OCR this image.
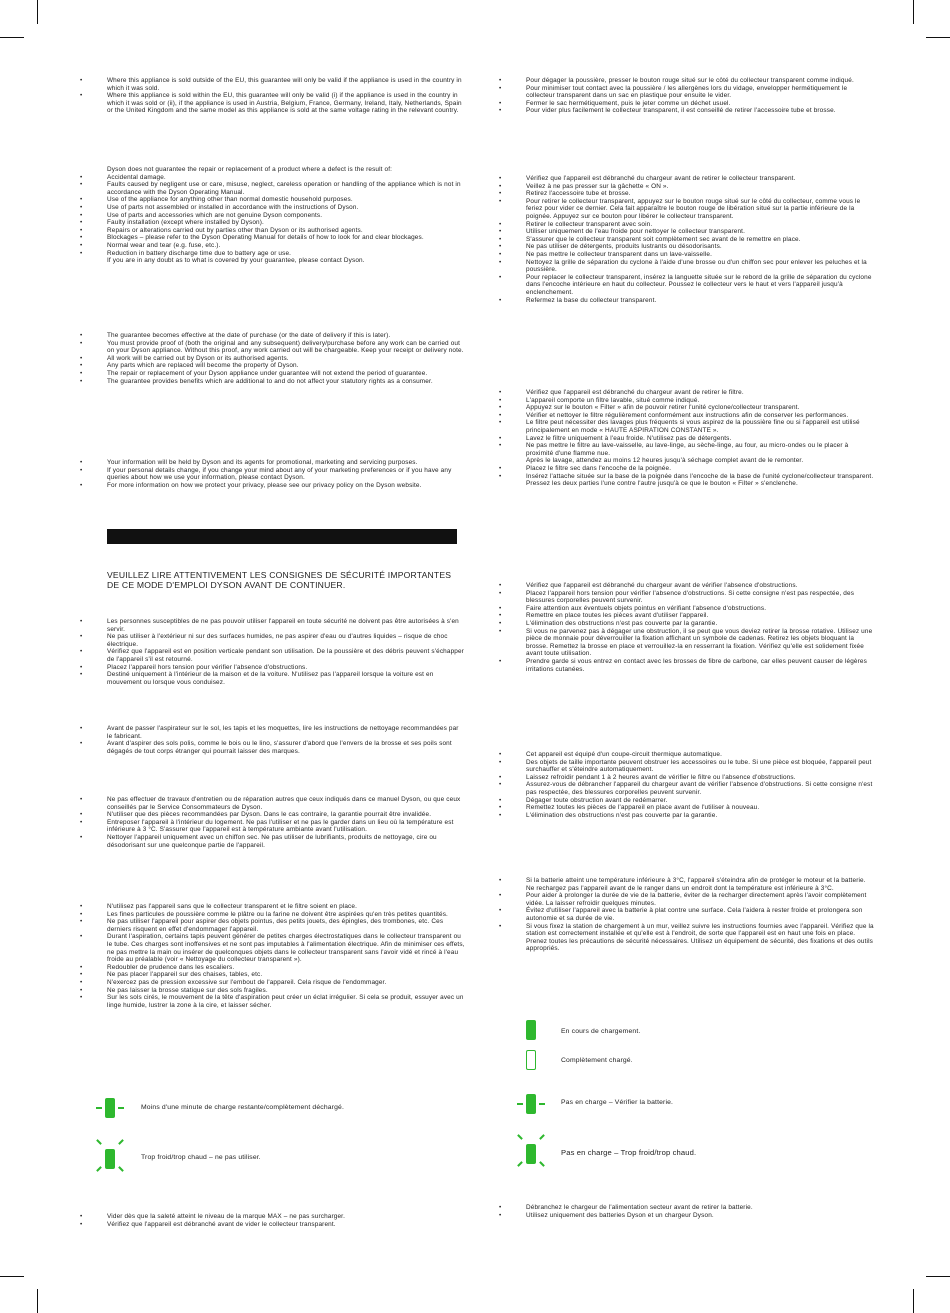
•	Where this appliance is sold outside of the EU, this guarantee will only be valid if the appliance is used in the country in which it was sold.
•	Where this appliance is sold within the EU, this guarantee will only be valid (i) if the appliance is used in the country in which it was sold or (ii), if the appliance is used in Austria, Belgium, France, Germany, Ireland, Italy, Netherlands, Spain or the United Kingdom and the same model as this appliance is sold at the same voltage rating in the relevant country.
Dyson does not guarantee the repair or replacement of a product where a defect is the result of:
•	Accidental damage.
•	Faults caused by negligent use or care, misuse, neglect, careless operation or handling of the appliance which is not in accordance with the Dyson Operating Manual.
•	Use of the appliance for anything other than normal domestic household purposes.
•	Use of parts not assembled or installed in accordance with the instructions of Dyson.
•	Use of parts and accessories which are not genuine Dyson components.
•	Faulty installation (except where installed by Dyson).
•	Repairs or alterations carried out by parties other than Dyson or its authorised agents.
•	Blockages – please refer to the Dyson Operating Manual for details of how to look for and clear blockages.
•	Normal wear and tear (e.g. fuse, etc.).
•	Reduction in battery discharge time due to battery age or use.
If you are in any doubt as to what is covered by your guarantee, please contact Dyson.
•	The guarantee becomes effective at the date of purchase (or the date of delivery if this is later).
•	You must provide proof of (both the original and any subsequent) delivery/purchase before any work can be carried out on your Dyson appliance. Without this proof, any work carried out will be chargeable. Keep your receipt or delivery note.
•	All work will be carried out by Dyson or its authorised agents.
•	Any parts which are replaced will become the property of Dyson.
•	The repair or replacement of your Dyson appliance under guarantee will not extend the period of guarantee.
•	The guarantee provides benefits which are additional to and do not affect your statutory rights as a consumer.
•	Your information will be held by Dyson and its agents for promotional, marketing and servicing purposes.
•	If your personal details change, if you change your mind about any of your marketing preferences or if you have any queries about how we use your information, please contact Dyson.
•	For more information on how we protect your privacy, please see our privacy policy on the Dyson website.
VEUILLEZ LIRE ATTENTIVEMENT LES CONSIGNES DE SÉCURITÉ IMPORTANTES DE CE MODE D'EMPLOI DYSON AVANT DE CONTINUER.
•	Les personnes susceptibles de ne pas pouvoir utiliser l'appareil en toute sécurité ne doivent pas être autorisées à s'en servir.
•	Ne pas utiliser à l'extérieur ni sur des surfaces humides, ne pas aspirer d'eau ou d'autres liquides – risque de choc électrique.
•	Vérifiez que l'appareil est en position verticale pendant son utilisation. De la poussière et des débris peuvent s'échapper de l'appareil s'il est retourné.
•	Placez l'appareil hors tension pour vérifier l'absence d'obstructions.
•	Destiné uniquement à l'intérieur de la maison et de la voiture. N'utilisez pas l'appareil lorsque la voiture est en mouvement ou lorsque vous conduisez.
•	Avant de passer l'aspirateur sur le sol, les tapis et les moquettes, lire les instructions de nettoyage recommandées par le fabricant.
•	Avant d'aspirer des sols polis, comme le bois ou le lino, s'assurer d'abord que l'envers de la brosse et ses poils sont dégagés de tout corps étranger qui pourrait laisser des marques.
•	Ne pas effectuer de travaux d'entretien ou de réparation autres que ceux indiqués dans ce manuel Dyson, ou que ceux conseillés par le Service Consommateurs de Dyson.
•	N'utiliser que des pièces recommandées par Dyson. Dans le cas contraire, la garantie pourrait être invalidée.
•	Entreposer l'appareil à l'intérieur du logement. Ne pas l'utiliser et ne pas le garder dans un lieu où la température est inférieure à 3 °C. S'assurer que l'appareil est à température ambiante avant l'utilisation.
•	Nettoyer l'appareil uniquement avec un chiffon sec. Ne pas utiliser de lubrifiants, produits de nettoyage, cire ou désodorisant sur une quelconque partie de l'appareil.
•	N'utilisez pas l'appareil sans que le collecteur transparent et le filtre soient en place.
•	Les fines particules de poussière comme le plâtre ou la farine ne doivent être aspirées qu'en très petites quantités.
•	Ne pas utiliser l'appareil pour aspirer des objets pointus, des petits jouets, des épingles, des trombones, etc. Ces derniers risquent en effet d'endommager l'appareil.
•	Durant l'aspiration, certains tapis peuvent générer de petites charges électrostatiques dans le collecteur transparent ou le tube. Ces charges sont inoffensives et ne sont pas imputables à l'alimentation électrique. Afin de minimiser ces effets, ne pas mettre la main ou insérer de quelconques objets dans le collecteur transparent sans l'avoir vidé et rincé à l'eau froide au préalable (voir « Nettoyage du collecteur transparent »).
•	Redoubler de prudence dans les escaliers.
•	Ne pas placer l'appareil sur des chaises, tables, etc.
•	N'exercez pas de pression excessive sur l'embout de l'appareil. Cela risque de l'endommager.
•	Ne pas laisser la brosse statique sur des sols fragiles.
•	Sur les sols cirés, le mouvement de la tête d'aspiration peut créer un éclat irrégulier. Si cela se produit, essuyer avec un linge humide, lustrer la zone à la cire, et laisser sécher.
Moins d'une minute de charge restante/complètement déchargé.
Trop froid/trop chaud – ne pas utiliser.
•	Vider dès que la saleté atteint le niveau de la marque MAX – ne pas surcharger.
•	Vérifiez que l'appareil est débranché avant de vider le collecteur transparent.
•	Pour dégager la poussière, presser le bouton rouge situé sur le côté du collecteur transparent comme indiqué.
•	Pour minimiser tout contact avec la poussière / les allergènes lors du vidage, envelopper hermétiquement le collecteur transparent dans un sac en plastique pour ensuite le vider.
•	Fermer le sac hermétiquement, puis le jeter comme un déchet usuel.
•	Pour vider plus facilement le collecteur transparent, il est conseillé de retirer l'accessoire tube et brosse.
•	Vérifiez que l'appareil est débranché du chargeur avant de retirer le collecteur transparent.
•	Veillez à ne pas presser sur la gâchette « ON ».
•	Retirez l'accessoire tube et brosse.
•	Pour retirer le collecteur transparent, appuyez sur le bouton rouge situé sur le côté du collecteur, comme vous le feriez pour vider ce dernier. Cela fait apparaître le bouton rouge de libération situé sur la partie inférieure de la poignée. Appuyez sur ce bouton pour libérer le collecteur transparent.
•	Retirer le collecteur transparent avec soin.
•	Utiliser uniquement de l'eau froide pour nettoyer le collecteur transparent.
•	S'assurer que le collecteur transparent soit complètement sec avant de le remettre en place.
•	Ne pas utiliser de détergents, produits lustrants ou désodorisants.
•	Ne pas mettre le collecteur transparent dans un lave-vaisselle.
•	Nettoyez la grille de séparation du cyclone à l'aide d'une brosse ou d'un chiffon sec pour enlever les peluches et la poussière.
•	Pour replacer le collecteur transparent, insérez la languette située sur le rebord de la grille de séparation du cyclone dans l'encoche intérieure en haut du collecteur. Poussez le collecteur vers le haut et vers l'appareil jusqu'à enclenchement.
•	Refermez la base du collecteur transparent.
•	Vérifiez que l'appareil est débranché du chargeur avant de retirer le filtre.
•	L'appareil comporte un filtre lavable, situé comme indiqué.
•	Appuyez sur le bouton « Filter » afin de pouvoir retirer l'unité cyclone/collecteur transparent.
•	Vérifier et nettoyer le filtre régulièrement conformément aux instructions afin de conserver les performances.
•	Le filtre peut nécessiter des lavages plus fréquents si vous aspirez de la poussière fine ou si l'appareil est utilisé principalement en mode « HAUTE ASPIRATION CONSTANTE ».
•	Lavez le filtre uniquement à l'eau froide. N'utilisez pas de détergents.
•	Ne pas mettre le filtre au lave-vaisselle, au lave-linge, au sèche-linge, au four, au micro-ondes ou le placer à proximité d'une flamme nue.
Après le lavage, attendez au moins 12 heures jusqu'à séchage complet avant de le remonter.
•	Placez le filtre sec dans l'encoche de la poignée.
•	Insérez l'attache située sur la base de la poignée dans l'encoche de la base de l'unité cyclone/collecteur transparent. Pressez les deux parties l'une contre l'autre jusqu'à ce que le bouton « Filter » s'enclenche.
•	Vérifiez que l'appareil est débranché du chargeur avant de vérifier l'absence d'obstructions.
•	Placez l'appareil hors tension pour vérifier l'absence d'obstructions. Si cette consigne n'est pas respectée, des blessures corporelles peuvent survenir.
•	Faire attention aux éventuels objets pointus en vérifiant l'absence d'obstructions.
•	Remettre en place toutes les pièces avant d'utiliser l'appareil.
•	L'élimination des obstructions n'est pas couverte par la garantie.
•	Si vous ne parvenez pas à dégager une obstruction, il se peut que vous deviez retirer la brosse rotative. Utilisez une pièce de monnaie pour déverrouiller la fixation affichant un symbole de cadenas. Retirez les objets bloquant la brosse. Remettez la brosse en place et verrouillez-la en resserrant la fixation. Vérifiez qu'elle est solidement fixée avant toute utilisation.
•	Prendre garde si vous entrez en contact avec les brosses de fibre de carbone, car elles peuvent causer de légères irritations cutanées.
•	Cet appareil est équipé d'un coupe-circuit thermique automatique.
•	Des objets de taille importante peuvent obstruer les accessoires ou le tube. Si une pièce est bloquée, l'appareil peut surchauffer et s'éteindre automatiquement.
•	Laissez refroidir pendant 1 à 2 heures avant de vérifier le filtre ou l'absence d'obstructions.
•	Assurez-vous de débrancher l'appareil du chargeur avant de vérifier l'absence d'obstructions. Si cette consigne n'est pas respectée, des blessures corporelles peuvent survenir.
•	Dégager toute obstruction avant de redémarrer.
•	Remettez toutes les pièces de l'appareil en place avant de l'utiliser à nouveau.
•	L'élimination des obstructions n'est pas couverte par la garantie.
•	Si la batterie atteint une température inférieure à 3°C, l'appareil s'éteindra afin de protéger le moteur et la batterie. Ne rechargez pas l'appareil avant de le ranger dans un endroit dont la température est inférieure à 3°C.
•	Pour aider à prolonger la durée de vie de la batterie, éviter de la recharger directement après l'avoir complètement vidée. La laisser refroidir quelques minutes.
•	Évitez d'utiliser l'appareil avec la batterie à plat contre une surface. Cela l'aidera à rester froide et prolongera son autonomie et sa durée de vie.
•	Si vous fixez la station de chargement à un mur, veillez suivre les instructions fournies avec l'appareil. Vérifiez que la station est correctement installée et qu'elle est à l'endroit, de sorte que l'appareil est en haut une fois en place. Prenez toutes les précautions de sécurité nécessaires. Utilisez un équipement de sécurité, des fixations et des outils appropriés.
En cours de chargement.
Complètement chargé.
Pas en charge – Vérifier la batterie.
Pas en charge – Trop froid/trop chaud.
•	Débranchez le chargeur de l'alimentation secteur avant de retirer la batterie.
•	Utilisez uniquement des batteries Dyson et un chargeur Dyson.
